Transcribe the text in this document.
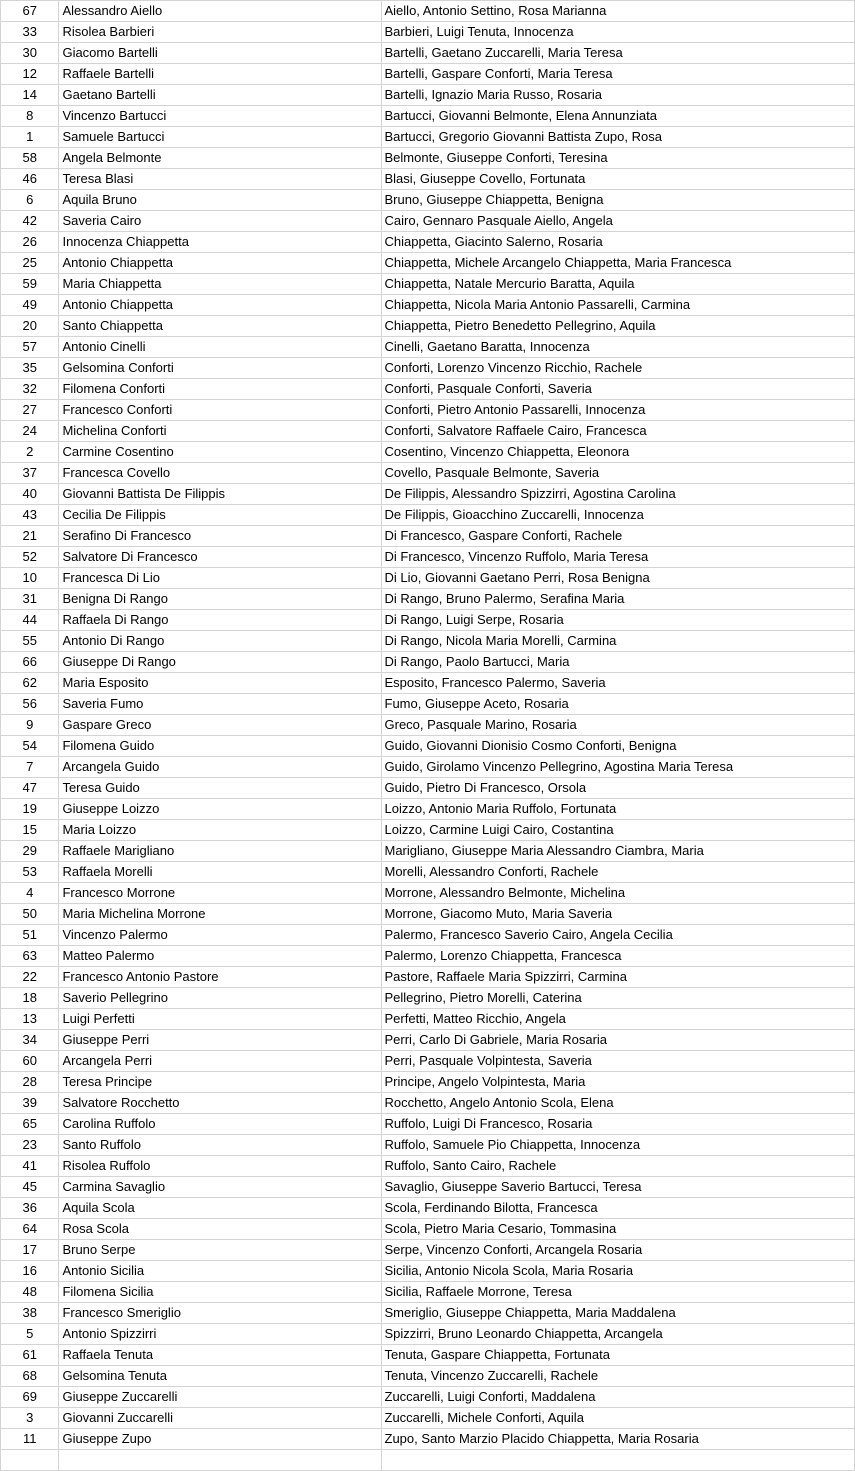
67	Alessandro Aiello	Aiello, Antonio Settino, Rosa Marianna
33	Risolea Barbieri	Barbieri, Luigi Tenuta, Innocenza
30	Giacomo Bartelli	Bartelli, Gaetano Zuccarelli, Maria Teresa
12	Raffaele Bartelli	Bartelli, Gaspare Conforti, Maria Teresa
14	Gaetano Bartelli	Bartelli, Ignazio Maria Russo, Rosaria
8	Vincenzo Bartucci	Bartucci, Giovanni Belmonte, Elena Annunziata
1	Samuele Bartucci	Bartucci, Gregorio Giovanni Battista Zupo, Rosa
58	Angela Belmonte	Belmonte, Giuseppe Conforti, Teresina
46	Teresa Blasi	Blasi, Giuseppe Covello, Fortunata
6	Aquila Bruno	Bruno, Giuseppe Chiappetta, Benigna
42	Saveria Cairo	Cairo, Gennaro Pasquale Aiello, Angela
26	Innocenza Chiappetta	Chiappetta, Giacinto Salerno, Rosaria
25	Antonio Chiappetta	Chiappetta, Michele Arcangelo Chiappetta, Maria Francesca
59	Maria Chiappetta	Chiappetta, Natale Mercurio Baratta, Aquila
49	Antonio Chiappetta	Chiappetta, Nicola Maria Antonio Passarelli, Carmina
20	Santo Chiappetta	Chiappetta, Pietro Benedetto Pellegrino, Aquila
57	Antonio Cinelli	Cinelli, Gaetano Baratta, Innocenza
35	Gelsomina Conforti	Conforti, Lorenzo Vincenzo Ricchio, Rachele
32	Filomena Conforti	Conforti, Pasquale Conforti, Saveria
27	Francesco Conforti	Conforti, Pietro Antonio Passarelli, Innocenza
24	Michelina Conforti	Conforti, Salvatore Raffaele Cairo, Francesca
2	Carmine Cosentino	Cosentino, Vincenzo Chiappetta, Eleonora
37	Francesca Covello	Covello, Pasquale Belmonte, Saveria
40	Giovanni Battista De Filippis	De Filippis, Alessandro Spizzirri, Agostina Carolina
43	Cecilia De Filippis	De Filippis, Gioacchino Zuccarelli, Innocenza
21	Serafino Di Francesco	Di Francesco, Gaspare Conforti, Rachele
52	Salvatore Di Francesco	Di Francesco, Vincenzo Ruffolo, Maria Teresa
10	Francesca Di Lio	Di Lio, Giovanni Gaetano Perri, Rosa Benigna
31	Benigna Di Rango	Di Rango, Bruno Palermo, Serafina Maria
44	Raffaela Di Rango	Di Rango, Luigi Serpe, Rosaria
55	Antonio Di Rango	Di Rango, Nicola Maria Morelli, Carmina
66	Giuseppe Di Rango	Di Rango, Paolo Bartucci, Maria
62	Maria Esposito	Esposito, Francesco Palermo, Saveria
56	Saveria Fumo	Fumo, Giuseppe Aceto, Rosaria
9	Gaspare Greco	Greco, Pasquale Marino, Rosaria
54	Filomena Guido	Guido, Giovanni Dionisio Cosmo Conforti, Benigna
7	Arcangela Guido	Guido, Girolamo Vincenzo Pellegrino, Agostina Maria Teresa
47	Teresa Guido	Guido, Pietro Di Francesco, Orsola
19	Giuseppe Loizzo	Loizzo, Antonio Maria Ruffolo, Fortunata
15	Maria Loizzo	Loizzo, Carmine Luigi Cairo, Costantina
29	Raffaele Marigliano	Marigliano, Giuseppe Maria Alessandro Ciambra, Maria
53	Raffaela Morelli	Morelli, Alessandro Conforti, Rachele
4	Francesco Morrone	Morrone, Alessandro Belmonte, Michelina
50	Maria Michelina Morrone	Morrone, Giacomo Muto, Maria Saveria
51	Vincenzo Palermo	Palermo, Francesco Saverio Cairo, Angela Cecilia
63	Matteo Palermo	Palermo, Lorenzo Chiappetta, Francesca
22	Francesco Antonio Pastore	Pastore, Raffaele Maria Spizzirri, Carmina
18	Saverio Pellegrino	Pellegrino, Pietro Morelli, Caterina
13	Luigi Perfetti	Perfetti, Matteo Ricchio, Angela
34	Giuseppe Perri	Perri, Carlo Di Gabriele, Maria Rosaria
60	Arcangela Perri	Perri, Pasquale Volpintesta, Saveria
28	Teresa Principe	Principe, Angelo Volpintesta, Maria
39	Salvatore Rocchetto	Rocchetto, Angelo Antonio Scola, Elena
65	Carolina Ruffolo	Ruffolo, Luigi Di Francesco, Rosaria
23	Santo Ruffolo	Ruffolo, Samuele Pio Chiappetta, Innocenza
41	Risolea Ruffolo	Ruffolo, Santo Cairo, Rachele
45	Carmina Savaglio	Savaglio, Giuseppe Saverio Bartucci, Teresa
36	Aquila Scola	Scola, Ferdinando Bilotta, Francesca
64	Rosa Scola	Scola, Pietro Maria Cesario, Tommasina
17	Bruno Serpe	Serpe, Vincenzo Conforti, Arcangela Rosaria
16	Antonio Sicilia	Sicilia, Antonio Nicola Scola, Maria Rosaria
48	Filomena Sicilia	Sicilia, Raffaele Morrone, Teresa
38	Francesco Smeriglio	Smeriglio, Giuseppe Chiappetta, Maria Maddalena
5	Antonio Spizzirri	Spizzirri, Bruno Leonardo Chiappetta, Arcangela
61	Raffaela Tenuta	Tenuta, Gaspare Chiappetta, Fortunata
68	Gelsomina Tenuta	Tenuta, Vincenzo Zuccarelli, Rachele
69	Giuseppe Zuccarelli	Zuccarelli, Luigi Conforti, Maddalena
3	Giovanni Zuccarelli	Zuccarelli, Michele Conforti, Aquila
11	Giuseppe Zupo	Zupo, Santo Marzio Placido Chiappetta, Maria Rosaria
